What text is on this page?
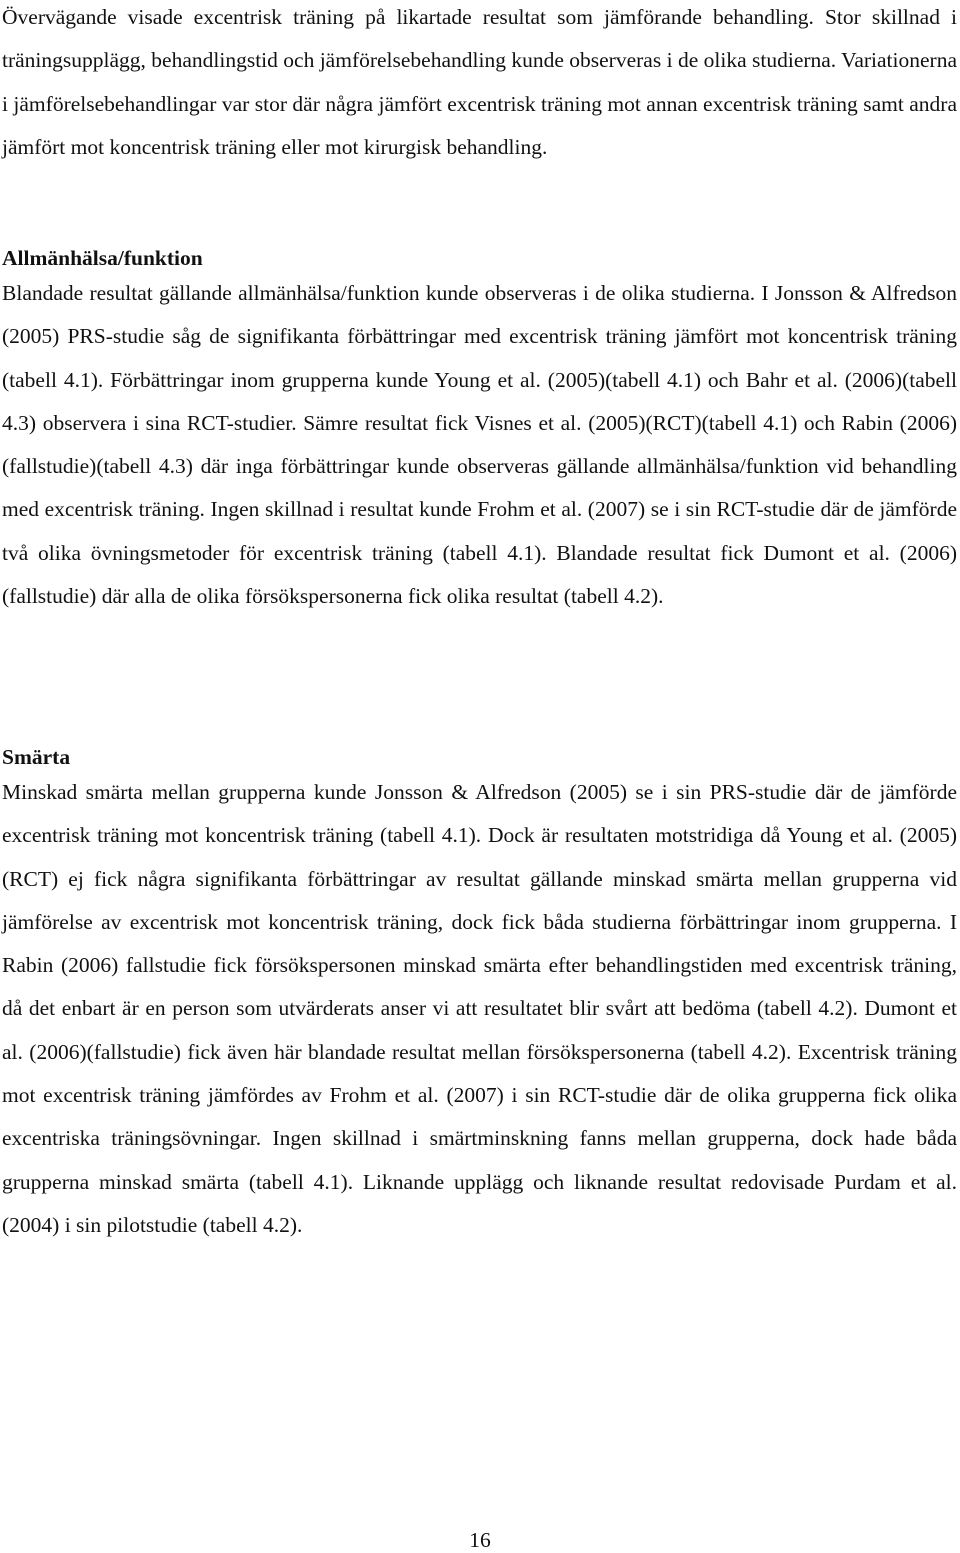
Övervägande visade excentrisk träning på likartade resultat som jämförande behandling. Stor skillnad i träningsupplägg, behandlingstid och jämförelsebehandling kunde observeras i de olika studierna. Variationerna i jämförelsebehandlingar var stor där några jämfört excentrisk träning mot annan excentrisk träning samt andra jämfört mot koncentrisk träning eller mot kirurgisk behandling.

Allmänhälsa/funktion

Blandade resultat gällande allmänhälsa/funktion kunde observeras i de olika studierna. I Jonsson & Alfredson (2005) PRS-studie såg de signifikanta förbättringar med excentrisk träning jämfört mot koncentrisk träning (tabell 4.1). Förbättringar inom grupperna kunde Young et al. (2005)(tabell 4.1) och Bahr et al. (2006)(tabell 4.3) observera i sina RCT-studier. Sämre resultat fick Visnes et al. (2005)(RCT)(tabell 4.1) och Rabin (2006)(fallstudie)(tabell 4.3) där inga förbättringar kunde observeras gällande allmänhälsa/funktion vid behandling med excentrisk träning. Ingen skillnad i resultat kunde Frohm et al. (2007) se i sin RCT-studie där de jämförde två olika övningsmetoder för excentrisk träning (tabell 4.1). Blandade resultat fick Dumont et al. (2006)(fallstudie) där alla de olika försökspersonerna fick olika resultat (tabell 4.2).

Smärta

Minskad smärta mellan grupperna kunde Jonsson & Alfredson (2005) se i sin PRS-studie där de jämförde excentrisk träning mot koncentrisk träning (tabell 4.1). Dock är resultaten motstridiga då Young et al. (2005)(RCT) ej fick några signifikanta förbättringar av resultat gällande minskad smärta mellan grupperna vid jämförelse av excentrisk mot koncentrisk träning, dock fick båda studierna förbättringar inom grupperna. I Rabin (2006) fallstudie fick försökspersonen minskad smärta efter behandlingstiden med excentrisk träning, då det enbart är en person som utvärderats anser vi att resultatet blir svårt att bedöma (tabell 4.2). Dumont et al. (2006)(fallstudie) fick även här blandade resultat mellan försökspersonerna (tabell 4.2). Excentrisk träning mot excentrisk träning jämfördes av Frohm et al. (2007) i sin RCT-studie där de olika grupperna fick olika excentriska träningsövningar. Ingen skillnad i smärtminskning fanns mellan grupperna, dock hade båda grupperna minskad smärta (tabell 4.1). Liknande upplägg och liknande resultat redovisade Purdam et al. (2004) i sin pilotstudie (tabell 4.2).

16
